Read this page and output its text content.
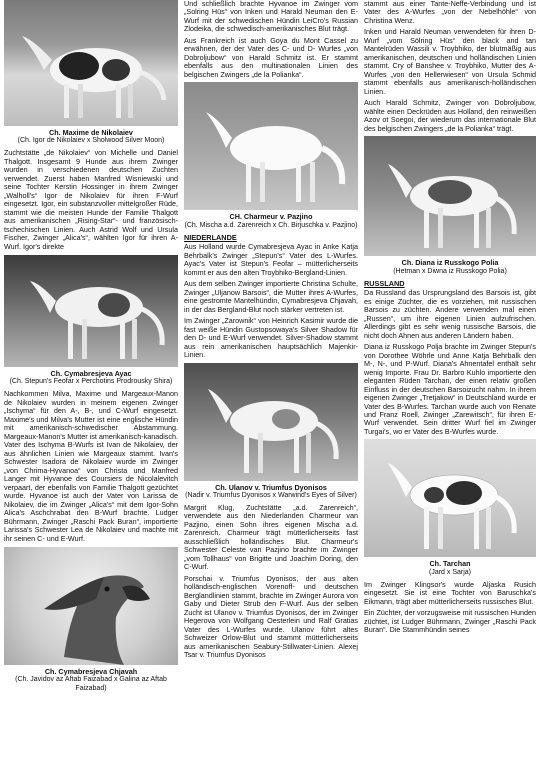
Ch. Maxime de Nikolaiev
(Ch. Igor de Nikolaiev x Sholwood Silver Moon)

Zuchtstätte „de Nikolaiev“ von Michelle und Daniel Thalgott. Insgesamt 9 Hunde aus ihrem Zwinger wurden in verschiedenen deutschen Zuchten verwendet. Zuerst haben Manfred Wisniewski und seine Tochter Kerstin Hossinger in ihrem Zwinger „Walholl's“ Igor de Nikolaiev für ihren F-Wurf eingesetzt. Igor, ein substanzvoller mittelgroßer Rüde, stammt wie die meisten Hunde der Familie Thalgott aus amerikanischen „Rising-Star“- und französisch-tschechischen Linien. Auch Astrid Wolf und Ursula Fischer, Zwinger „Alica's“, wählten Igor für ihren A-Wurf. Igor's direkte

Ch. Cymabresjeva Ayac
(Ch. Stepun's Feofar x Perchotins Prodrousky Shira)

Nachkommen Milva, Maxime und Margeaux-Manon de Nikolaiev wurden in meinem eigenen Zwinger „Ischyma“ für den A-, B-, und C-Wurf eingesetzt. Maxime's und Milva's Mutter ist eine englische Hündin mit amerikanisch-schwedischer Abstammung. Margeaux-Manon's Mutter ist amerikanisch-kanadisch. Vater des Ischyma B-Wurfs ist Ivan de Nikolaiev, der aus ähnlichen Linien wie Margeaux stammt. Ivan's Schwester Isadora de Nikolaiev wurde im Zwinger „von Chrima-Hyvanoa“ von Christa und Manfred Langer mit Hyvanoe des Coursiers de Nicolalevitch verpaart, der ebenfalls von Familie Thalgott gezüchtet wurde. Hyvanoe ist auch der Vater von Larissa de Nikolaiev, die im Zwinger „Alica's“ mit dem Igor-Sohn Alica's Aschchrabat den B-Wurf brachte. Ludger Bührmann, Zwinger „Raschi Pack Buran“, importierte Larissa's Schwester Lea de Nikolaiev und machte mit ihr seinen C- und E-Wurf.

Ch. Cymabresjeva Chjavah
(Ch. Javidov az Aftab Faizabad x Galina az Aftab Faizabad)

Und schließlich brachte Hyvanoe im Zwinger vom „Solring Hüs“ von Inken und Harald Neuman den E-Wurf mit der schwedischen Hündin LeiCro's Russian Zlodeika, die schwedisch-amerikanisches Blut trägt.

Aus Frankreich ist auch Goya du Mont Cassel zu erwähnen, der der Vater des C- und D- Wurfes „von Dobroljubow“ von Harald Schmitz ist. Er stammt ebenfalls aus den multinationalen Linien des belgischen Zwingers „de la Polianka“.

CH. Charmeur v. Pazjino
(Ch. Mischa a.d. Zarenreich x Ch. Birjuschka v. Pazjino)
NIEDERLANDE

Aus Holland wurde Cymabresjeva Ayac in Anke Katja Behrbalk's Zwinger „Stepun's“ Vater des L-Wurfes. Ayac's Vater ist Stepun's Feofar – mütterlicherseits kommt er aus den alten Troybhiko-Bergland-Linien.

Aus dem selben Zwinger importierte Christina Schulte, Zwinger „Uljanow Barsois“, die Mutter ihres A-Wurfes, eine gestromte Mantelhündin, Cymabresjeva Chjavah, in der das Bergland-Blut noch stärker vertreten ist.

Im Zwinger „Zarownik“ von Heinrich Kasimir wurde die fast weiße Hündin Gustopsowaya's Silver Shadow für den D- und E-Wurf verwendet. Silver-Shadow stammt aus rein amerikanischen hauptsächlich Majenkir-Linien.

Ch. Ulanov v. Triumfus Dyonisos
(Nadir v. Triumfus Dyonisos x Warwind's Eyes of Silver)

Margrit Klug, Zuchtstätte „a.d. Zarenreich“, verwendete aus den Niederlanden Charmeur van Pazjino, einen Sohn ihres eigenen Mischa a.d. Zarenreich. Charmeur trägt mütterlicherseits fast ausschließlich holländisches Blut. Charmeur's Schwester Celeste van Pazjino brachte im Zwinger „vom Tollhaus“ von Brigitte und Joachim Doring, den C-Wurf.

Porschai v. Triumfus Dyonisos, der aus alten holländisch-englischen Vorenoff- und deutschen Berglandlinien stammt, brachte im Zwinger Aurora von Gaby und Dieter Strub den F-Wurf. Aus der selben Zucht ist Ulanov v. Triumfus Dyonisos, der im Zwinger Hegerova von Wolfgang Oesterlein und Ralf Gratias Vater des L-Wurfes wurde. Ulanov führt altes Schweizer Orlow-Blut und stammt mütterlicherseits aus amerikanischen Seabury-Stillwater-Linien. Alexej Tsar v. Triumfus Dyonisos

stammt aus einer Tante-Neffe-Verbindung und ist Vater des A-Wurfes „von der Nebelhöhle“ von Christina Wenz.

Inken und Harald Neuman verwendeten für ihren D-Wurf „vom Sölring Hüs“ den black and tan Mantelrüden Wassili v. Troybhiko, der blutmäßig aus amerikanischen, deutschen und holländischen Linien stammt. Cry of Banshee v. Troybhiko, Mutter des A-Wurfes „von den Hellerwiesen“ von Ursula Schmid stammt ebenfalls aus amerikanisch-holländischen Linien.

Auch Harald Schmitz, Zwinger von Dobroljubow, wählte einen Deckrüden aus Holland, den reinweißen Azov ot Soegoi, der wiederum das internationale Blut des belgischen Zwingers „de la Polianka“ trägt.

Ch. Diana iz Russkogo Polia
(Hetman x Diwna iz Russkogo Polia)
RUSSLAND

Da Russland das Ursprungsland des Barsois ist, gibt es einige Züchter, die es vorziehen, mit russischen Barsois zu züchten. Andere verwenden mal einen „Russen“, um ihre eigenen Linien aufzufrischen. Allerdings gibt es sehr wenig russische Barsois, die nicht doch Ahnen aus anderen Ländern haben.

Diana iz Russkogo Polja brachte im Zwinger Stepun's von Dorothee Wöhrle und Anne Katja Behrbalk den M-, N-, und P-Wurf. Diana's Ahnentafel enthält sehr wenig Importe. Frau Dr. Barbro Kuhlo importierte den eleganten Rüden Tarchan, der einen relativ großen Einfluss in der deutschen Barsoizucht nahm. In ihrem eigenen Zwinger „Tretjakow“ in Deutschland wurde er Vater des B-Wurfes. Tarchan wurde auch von Renate und Franz Roell, Zwinger „Zarewitsch“, für ihren E-Wurf verwendet. Sein dritter Wurf fiel im Zwinger Turgai's, wo er Vater des B-Wurfes wurde.

Ch. Tarchan
(Jard x Sarja)

Im Zwinger Klingsor's wurde Aljaska Rusich eingesetzt. Sie ist eine Tochter von Baruschka's Eikmann, trägt aber mütterlicherseits russisches Blut.

Ein Züchter, der vorzugsweise mit russischen Hunden züchtet, ist Ludger Bührmann, Zwinger „Raschi Pack Buran“. Die Stammhündin seines
